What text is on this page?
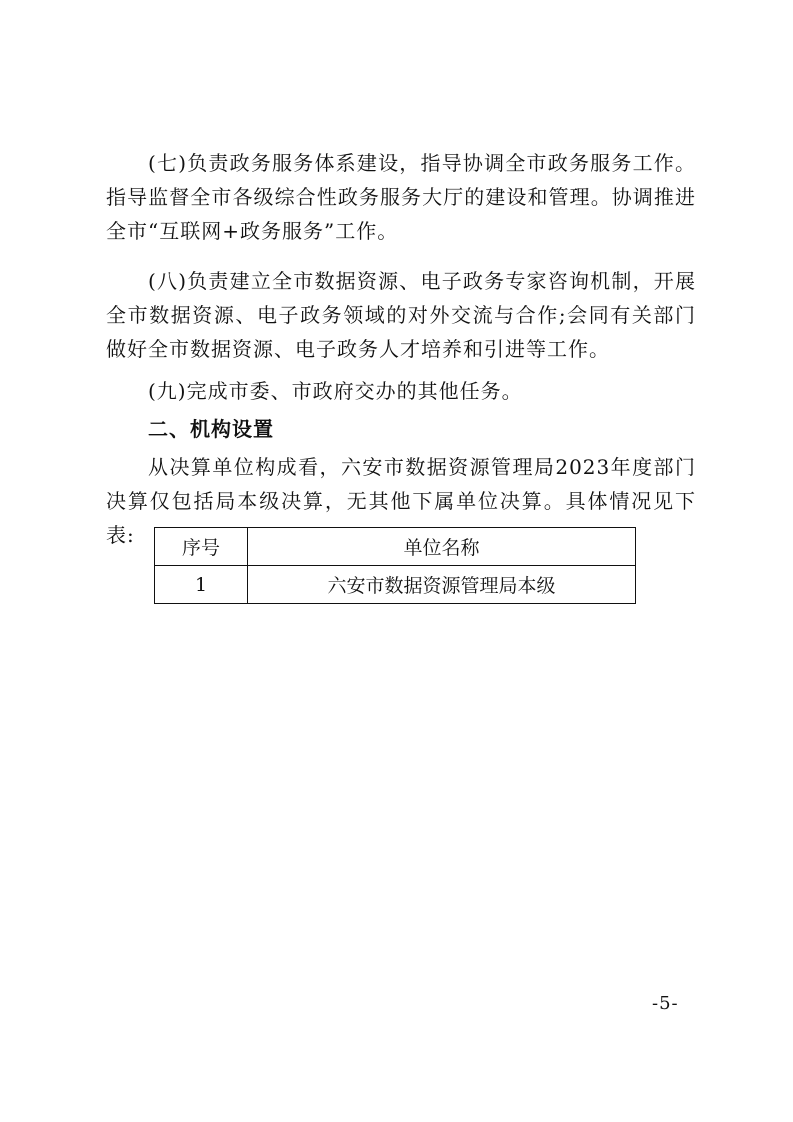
(七)负责政务服务体系建设，指导协调全市政务服务工作。指导监督全市各级综合性政务服务大厅的建设和管理。协调推进全市“互联网+政务服务”工作。

(八)负责建立全市数据资源、电子政务专家咨询机制，开展全市数据资源、电子政务领域的对外交流与合作;会同有关部门做好全市数据资源、电子政务人才培养和引进等工作。

(九)完成市委、市政府交办的其他任务。

二、机构设置

从决算单位构成看，六安市数据资源管理局2023年度部门决算仅包括局本级决算，无其他下属单位决算。具体情况见下表:

序号	单位名称
1	六安市数据资源管理局本级
-5-
